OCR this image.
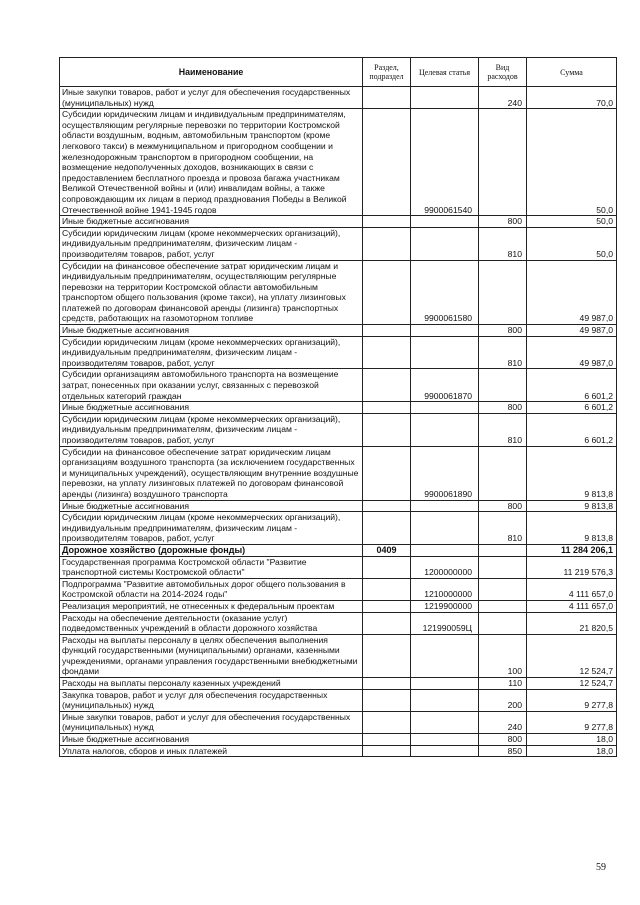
Наименование	Раздел, подраздел	Целевая статья	Вид расходов	Сумма
Иные закупки товаров, работ и услуг для обеспечения государственных (муниципальных) нужд			240	70,0
Субсидии юридическим лицам и индивидуальным предпринимателям, осуществляющим регулярные перевозки по территории Костромской области воздушным, водным, автомобильным транспортом (кроме легкового такси) в межмуниципальном и пригородном сообщении и железнодорожным транспортом в пригородном сообщении, на возмещение недополученных доходов, возникающих в связи с предоставлением бесплатного проезда и провоза багажа участникам Великой Отечественной войны и (или) инвалидам войны, а также сопровождающим их лицам в период празднования Победы в Великой Отечественной войне 1941-1945 годов		9900061540		50,0
Иные бюджетные ассигнования			800	50,0
Субсидии юридическим лицам (кроме некоммерческих организаций), индивидуальным предпринимателям, физическим лицам - производителям товаров, работ, услуг			810	50,0
Субсидии на финансовое обеспечение затрат юридическим лицам и индивидуальным предпринимателям, осуществляющим регулярные перевозки на территории Костромской области автомобильным транспортом общего пользования (кроме такси), на уплату лизинговых платежей по договорам финансовой аренды (лизинга) транспортных средств, работающих на газомоторном топливе		9900061580		49 987,0
Иные бюджетные ассигнования			800	49 987,0
Субсидии юридическим лицам (кроме некоммерческих организаций), индивидуальным предпринимателям, физическим лицам - производителям товаров, работ, услуг			810	49 987,0
Субсидии организациям автомобильного транспорта на возмещение затрат, понесенных при оказании услуг, связанных с перевозкой отдельных категорий граждан		9900061870		6 601,2
Иные бюджетные ассигнования			800	6 601,2
Субсидии юридическим лицам (кроме некоммерческих организаций), индивидуальным предпринимателям, физическим лицам - производителям товаров, работ, услуг			810	6 601,2
Субсидии на финансовое обеспечение затрат юридическим лицам организациям воздушного транспорта (за исключением государственных и муниципальных учреждений), осуществляющим внутренние воздушные перевозки, на уплату лизинговых платежей по договорам финансовой аренды (лизинга) воздушного транспорта		9900061890		9 813,8
Иные бюджетные ассигнования			800	9 813,8
Субсидии юридическим лицам (кроме некоммерческих организаций), индивидуальным предпринимателям, физическим лицам - производителям товаров, работ, услуг			810	9 813,8
Дорожное хозяйство (дорожные фонды)	0409			11 284 206,1
Государственная программа Костромской области "Развитие транспортной системы Костромской области"		1200000000		11 219 576,3
Подпрограмма "Развитие автомобильных дорог общего пользования в Костромской области на 2014-2024 годы"		1210000000		4 111 657,0
Реализация мероприятий, не отнесенных к федеральным проектам		1219900000		4 111 657,0
Расходы на обеспечение деятельности (оказание услуг) подведомственных учреждений в области дорожного хозяйства		121990059Ц		21 820,5
Расходы на выплаты персоналу в целях обеспечения выполнения функций государственными (муниципальными) органами, казенными учреждениями, органами управления государственными внебюджетными фондами			100	12 524,7
Расходы на выплаты персоналу казенных учреждений			110	12 524,7
Закупка товаров, работ и услуг для обеспечения государственных (муниципальных) нужд			200	9 277,8
Иные закупки товаров, работ и услуг для обеспечения государственных (муниципальных) нужд			240	9 277,8
Иные бюджетные ассигнования			800	18,0
Уплата налогов, сборов и иных платежей			850	18,0
59
